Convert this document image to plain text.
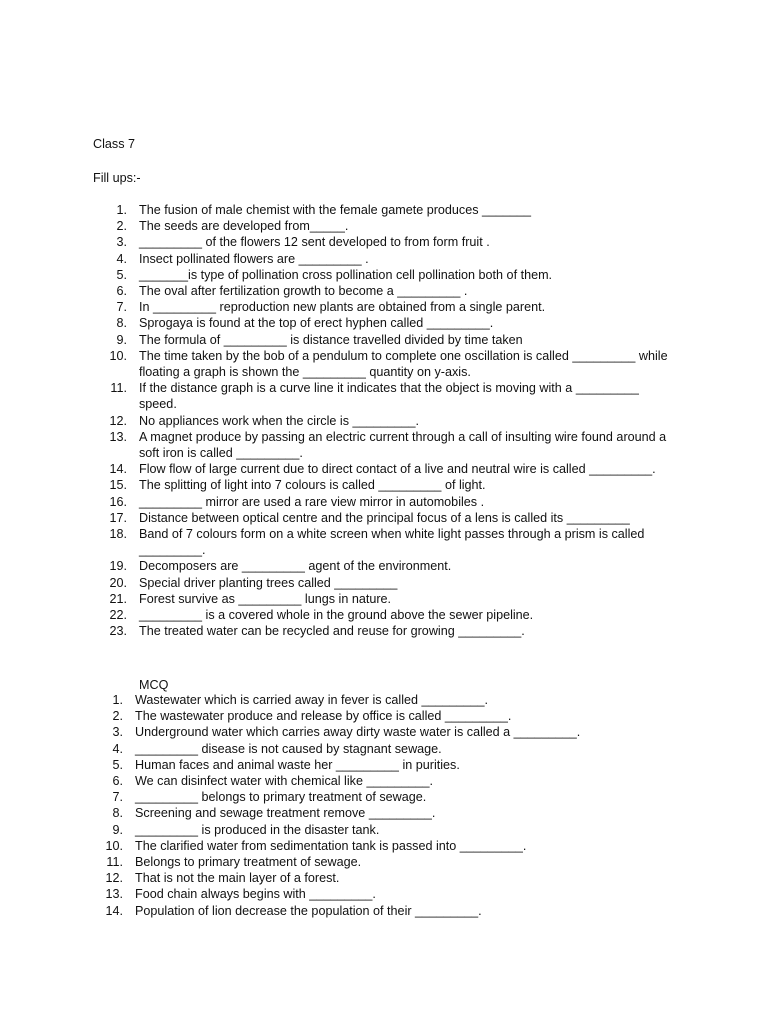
Class 7
Fill ups:-
1. The fusion of male chemist with the female gamete produces _______
2. The seeds are developed from_____.
3. _________ of the flowers 12 sent developed to from form fruit .
4. Insect pollinated flowers are _________ .
5. _______is type of pollination cross pollination cell pollination both of them.
6. The oval after fertilization growth to become a _________ .
7. In _________ reproduction new plants are obtained from a single parent.
8. Sprogaya is found at the top of erect hyphen called _________.
9. The formula of _________ is distance travelled divided by time taken
10. The time taken by the bob of a pendulum to complete one oscillation is called _________ while floating a graph is shown the _________ quantity on y-axis.
11. If the distance graph is a curve line it indicates that the object is moving with a _________ speed.
12. No appliances work when the circle is _________.
13. A magnet produce by passing an electric current through a call of insulting wire found around a soft iron is called _________.
14. Flow flow of large current due to direct contact of a live and neutral wire is called _________.
15. The splitting of light into 7 colours is called _________ of light.
16. _________ mirror are used a rare view mirror in automobiles .
17. Distance between optical centre and the principal focus of a lens is called its _________
18. Band of 7 colours form on a white screen when white light passes through a prism is called _________.
19. Decomposers are _________ agent of the environment.
20. Special driver planting trees called _________
21. Forest survive as _________ lungs in nature.
22. _________ is a covered whole in the ground above the sewer pipeline.
23. The treated water can be recycled and reuse for growing _________.
MCQ
1. Wastewater which is carried away in fever is called _________.
2. The wastewater produce and release by office is called _________.
3. Underground water which carries away dirty waste water is called a _________.
4. _________ disease is not caused by stagnant sewage.
5. Human faces and animal waste her _________ in purities.
6. We can disinfect water with chemical like _________.
7. _________ belongs to primary treatment of sewage.
8. Screening and sewage treatment remove _________.
9. _________ is produced in the disaster tank.
10. The clarified water from sedimentation tank is passed into _________.
11. Belongs to primary treatment of sewage.
12. That is not the main layer of a forest.
13. Food chain always begins with _________.
14. Population of lion decrease the population of their _________.
